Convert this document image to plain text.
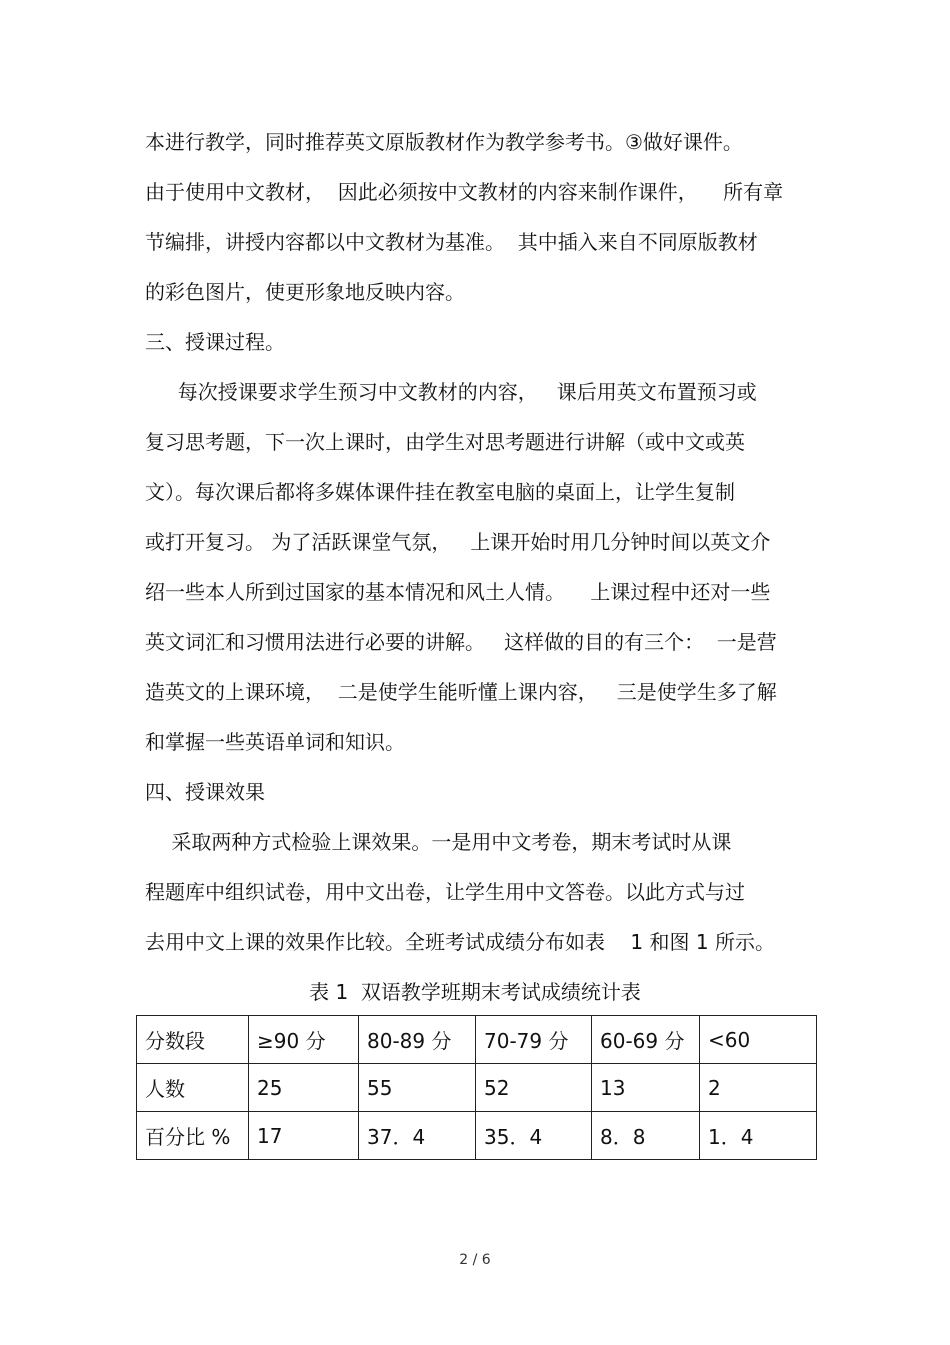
本进行教学，同时推荐英文原版教材作为教学参考书。③做好课件。
由于使用中文教材，  因此必须按中文教材的内容来制作课件，    所有章
节编排，讲授内容都以中文教材为基准。  其中插入来自不同原版教材
的彩色图片，使更形象地反映内容。
三、授课过程。
每次授课要求学生预习中文教材的内容，   课后用英文布置预习或
复习思考题，下一次上课时，由学生对思考题进行讲解（或中文或英
文）。每次课后都将多媒体课件挂在教室电脑的桌面上，让学生复制
或打开复习。 为了活跃课堂气氛，   上课开始时用几分钟时间以英文介
绍一些本人所到过国家的基本情况和风土人情。    上课过程中还对一些
英文词汇和习惯用法进行必要的讲解。   这样做的目的有三个：  一是营
造英文的上课环境，  二是使学生能听懂上课内容，   三是使学生多了解
和掌握一些英语单词和知识。
四、授课效果
采取两种方式检验上课效果。一是用中文考卷，期末考试时从课
程题库中组织试卷，用中文出卷，让学生用中文答卷。以此方式与过
去用中文上课的效果作比较。全班考试成绩分布如表    1 和图 1 所示。
表 1  双语教学班期末考试成绩统计表
分数段	≥90 分	80-89 分	70-79 分	60-69 分	<60
人数	25	55	52	13	2
百分比 %	17	37．4	35．4	8．8	1．4
2 / 6
